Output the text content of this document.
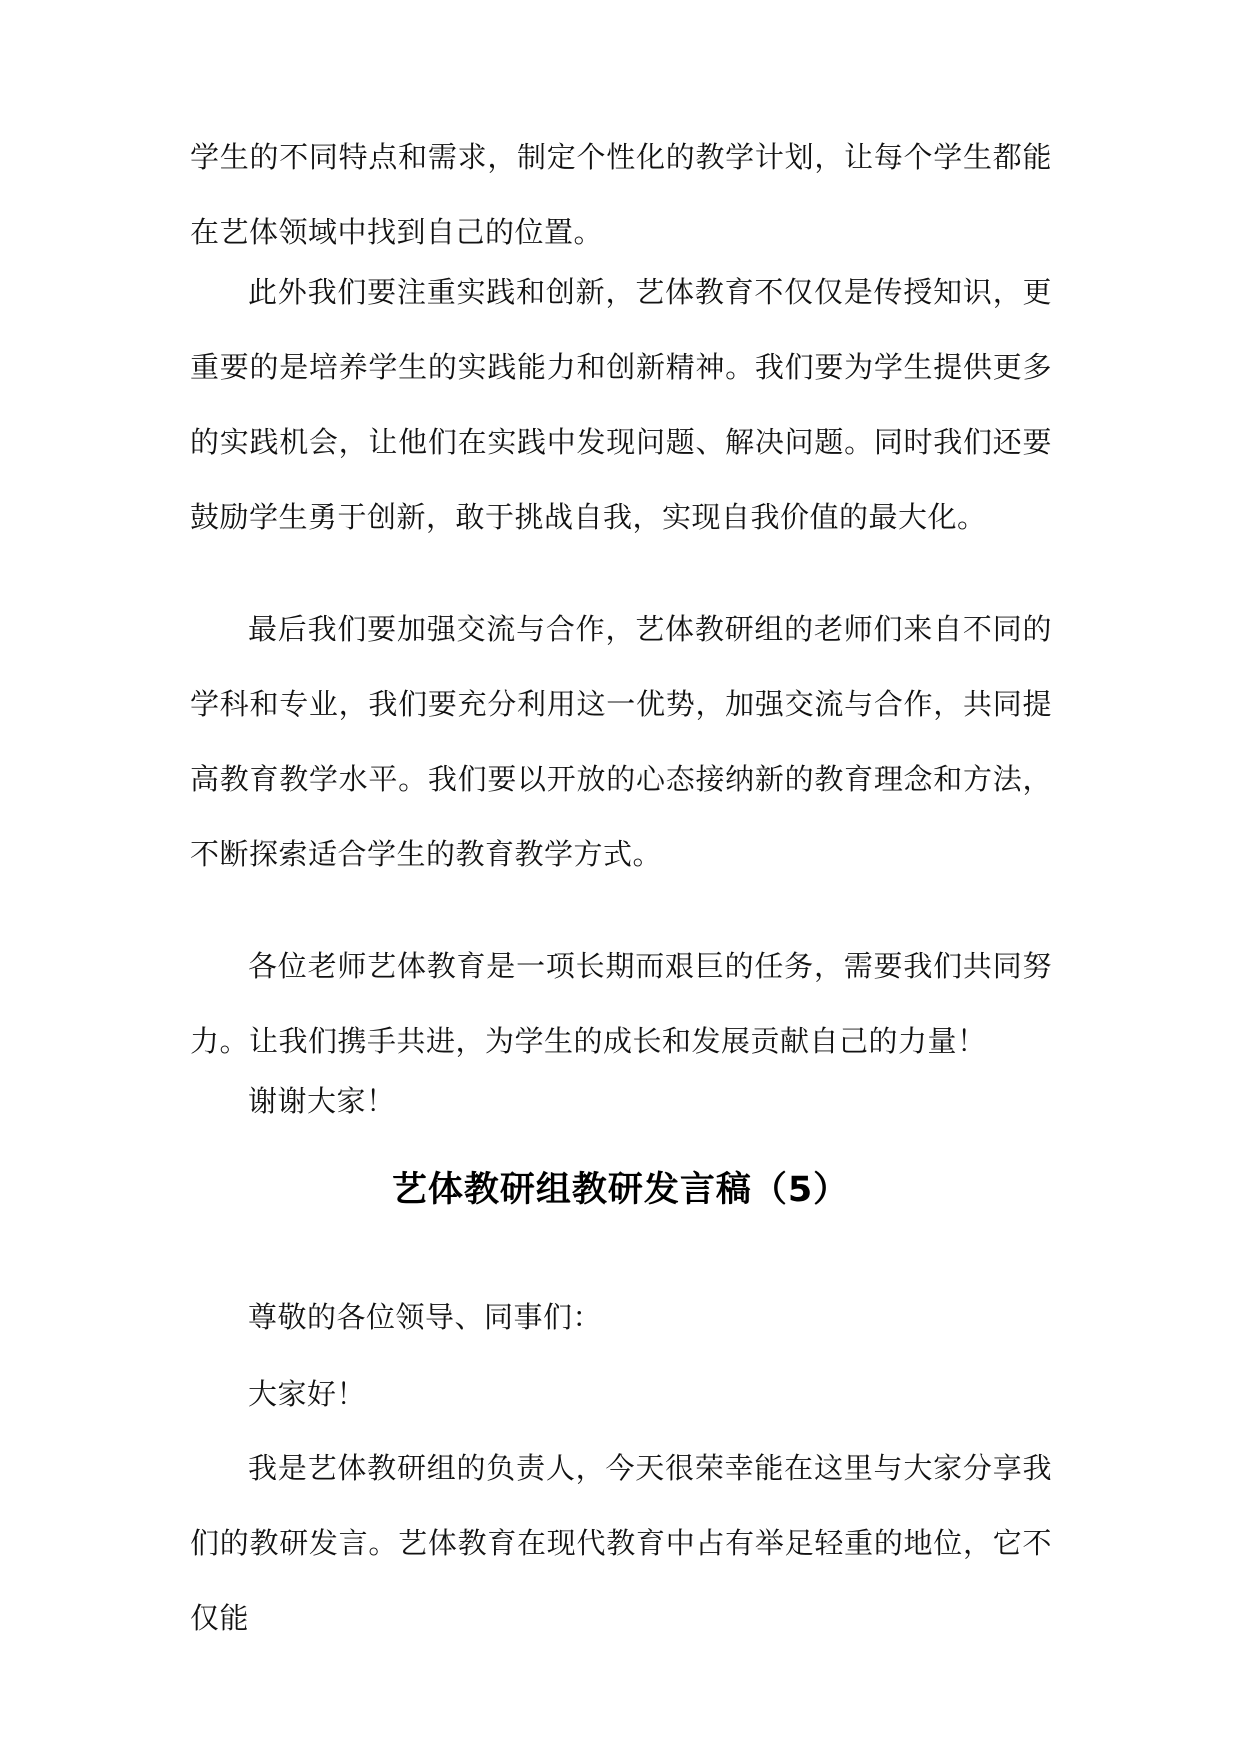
学生的不同特点和需求，制定个性化的教学计划，让每个学生都能在艺体领域中找到自己的位置。

此外我们要注重实践和创新，艺体教育不仅仅是传授知识，更重要的是培养学生的实践能力和创新精神。我们要为学生提供更多的实践机会，让他们在实践中发现问题、解决问题。同时我们还要鼓励学生勇于创新，敢于挑战自我，实现自我价值的最大化。

最后我们要加强交流与合作，艺体教研组的老师们来自不同的学科和专业，我们要充分利用这一优势，加强交流与合作，共同提高教育教学水平。我们要以开放的心态接纳新的教育理念和方法，不断探索适合学生的教育教学方式。

各位老师艺体教育是一项长期而艰巨的任务，需要我们共同努力。让我们携手共进，为学生的成长和发展贡献自己的力量！

谢谢大家！

艺体教研组教研发言稿（5）

尊敬的各位领导、同事们：

大家好！

我是艺体教研组的负责人，今天很荣幸能在这里与大家分享我们的教研发言。艺体教育在现代教育中占有举足轻重的地位，它不仅能
